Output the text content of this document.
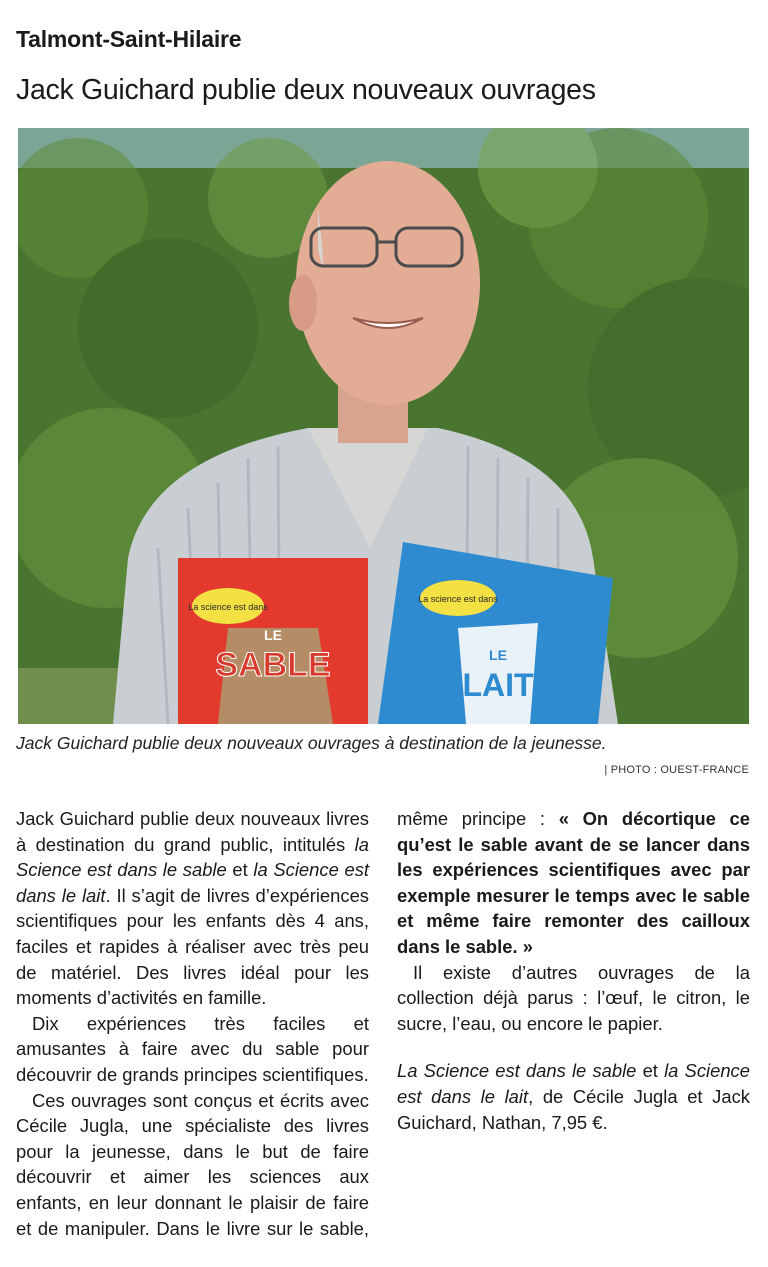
Talmont-Saint-Hilaire
Jack Guichard publie deux nouveaux ouvrages
La science est dans
LE
SABLE
La science est dans
LE
LAIT
Jack Guichard publie deux nouveaux ouvrages à destination de la jeunesse.
| PHOTO : OUEST-FRANCE

Jack Guichard publie deux nouveaux livres à destination du grand public, intitulés la Science est dans le sable et la Science est dans le lait. Il s’agit de livres d’expériences scientifiques pour les enfants dès 4 ans, faciles et rapides à réaliser avec très peu de matériel. Des livres idéal pour les moments d’activités en famille.

Dix expériences très faciles et amusantes à faire avec du sable pour découvrir de grands principes scientifiques.

Ces ouvrages sont conçus et écrits avec Cécile Jugla, une spécialiste des livres pour la jeunesse, dans le but de faire découvrir et aimer les sciences aux enfants, en leur donnant le plaisir de faire et de manipuler. Dans le livre sur le sable, même principe : « On décortique ce qu’est le sable avant de se lancer dans les expériences scientifiques avec par exemple mesurer le temps avec le sable et même faire remonter des cailloux dans le sable. »

Il existe d’autres ouvrages de la collection déjà parus : l’œuf, le citron, le sucre, l’eau, ou encore le papier.

La Science est dans le sable et la Science est dans le lait, de Cécile Jugla et Jack Guichard, Nathan, 7,95 €.
